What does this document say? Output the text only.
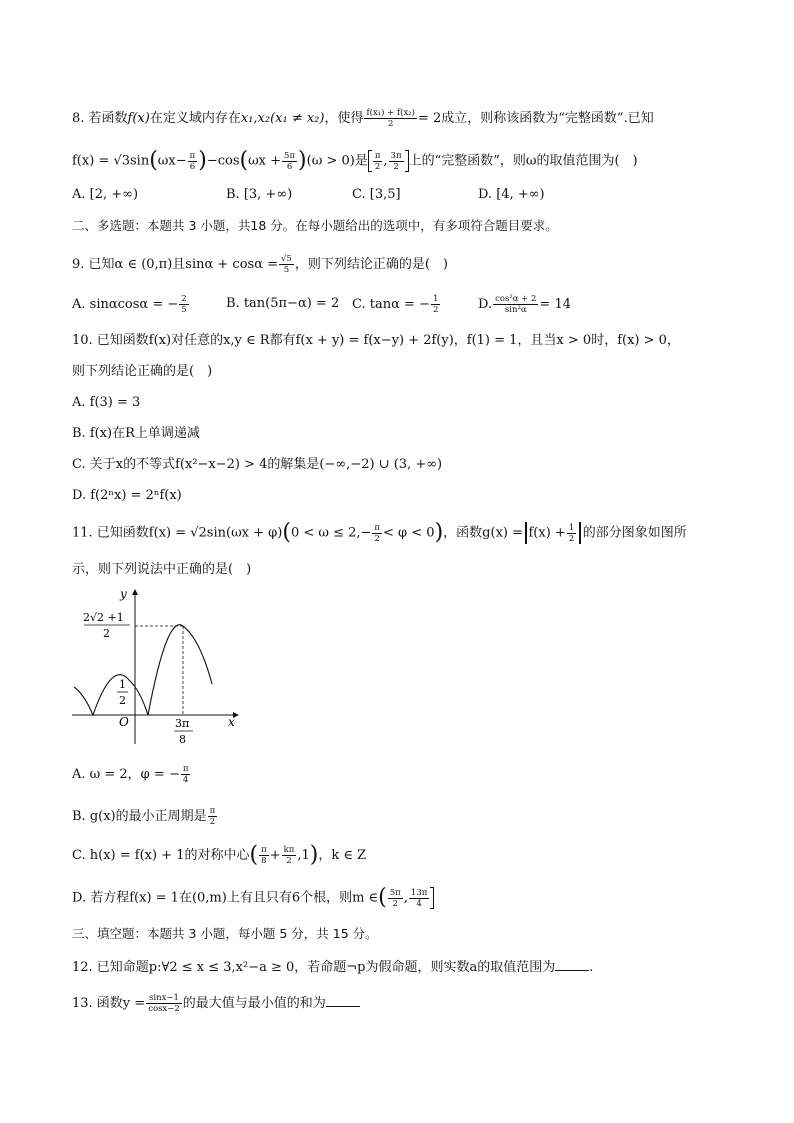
8. 若函数f(x)在定义域内存在x₁,x₂(x₁ ≠ x₂)，使得 $\frac{\text{f(x₁) + f(x₂)}}{2} = 2$成立，则称该函数为“完整函数”.已知
$f(x) = √3\sin(\omega x- \frac{\pi}{6} )-\cos(\omega x + \frac{5\pi}{6} )(\omega > 0)$是 $\frac{\pi}{2}$ , $\frac{3\pi}{2}$ 上的“完整函数”，则ω的取值范围为(　)
A. [2, +∞)	B. [3, +∞)	C. [3,5]	D. [4, +∞)
二、多选题：本题共 3 小题，共18 分。在每小题给出的选项中，有多项符合题目要求。
9. 已知α ∈ (0,π)且$\sin\alpha + \cos\alpha = \frac{√5}{5}$ ，则下列结论正确的是(　)
A. sinαcosα = − $\frac{2}{5}$	B. tan(5π−α) = 2 C. tanα = − $\frac{1}{2}$	D. $\frac{\text{cos²α + 2}}{\text{sin²α}} = 14$
10. 已知函数f(x)对任意的x,y ∈ R都有f(x + y) = f(x−y) + 2f(y)，f(1) = 1，且当x > 0时，f(x) > 0，
则下列结论正确的是(　)
A. f(3) = 3
B. f(x)在R上单调递减
C. 关于x的不等式f(x²−x−2) > 4的解集是(−∞,−2) ∪ (3, +∞)
D. f(2ⁿx) = 2ⁿf(x)
11. 已知函数$f(x) = √2\sin(\omega x + \varphi)(0 < \omega \le 2,- \frac{\pi}{2} < \varphi < 0)$，函数$g(x) = f(x) + \frac{1}{2}$ 的部分图象如图所
示，则下列说法中正确的是(　)
y
x
O
2√2 +1
2
1
2
3π
8
A. ω = 2，φ = − $\frac{\pi}{4}$
B. g(x)的最小正周期是 $\frac{\pi}{2}$
C. h(x) = f(x) + 1的对称中心( $\frac{\pi}{8} + \frac{k\pi}{2} ,1$)，k ∈ Z
D. 若方程f(x) = 1在(0,m)上有且只有6个根，则m ∈( $\frac{5\pi}{2}$ , $\frac{13\pi}{4}$
三、填空题：本题共 3 小题，每小题 5 分，共 15 分。
12. 已知命题p:∀2 ≤ x ≤ 3,x²−a ≥ 0，若命题¬p为假命题，则实数a的取值范围为	.
13. 函数$y = \frac{\sin x-1}{\cos x-2}$ 的最大值与最小值的和为
